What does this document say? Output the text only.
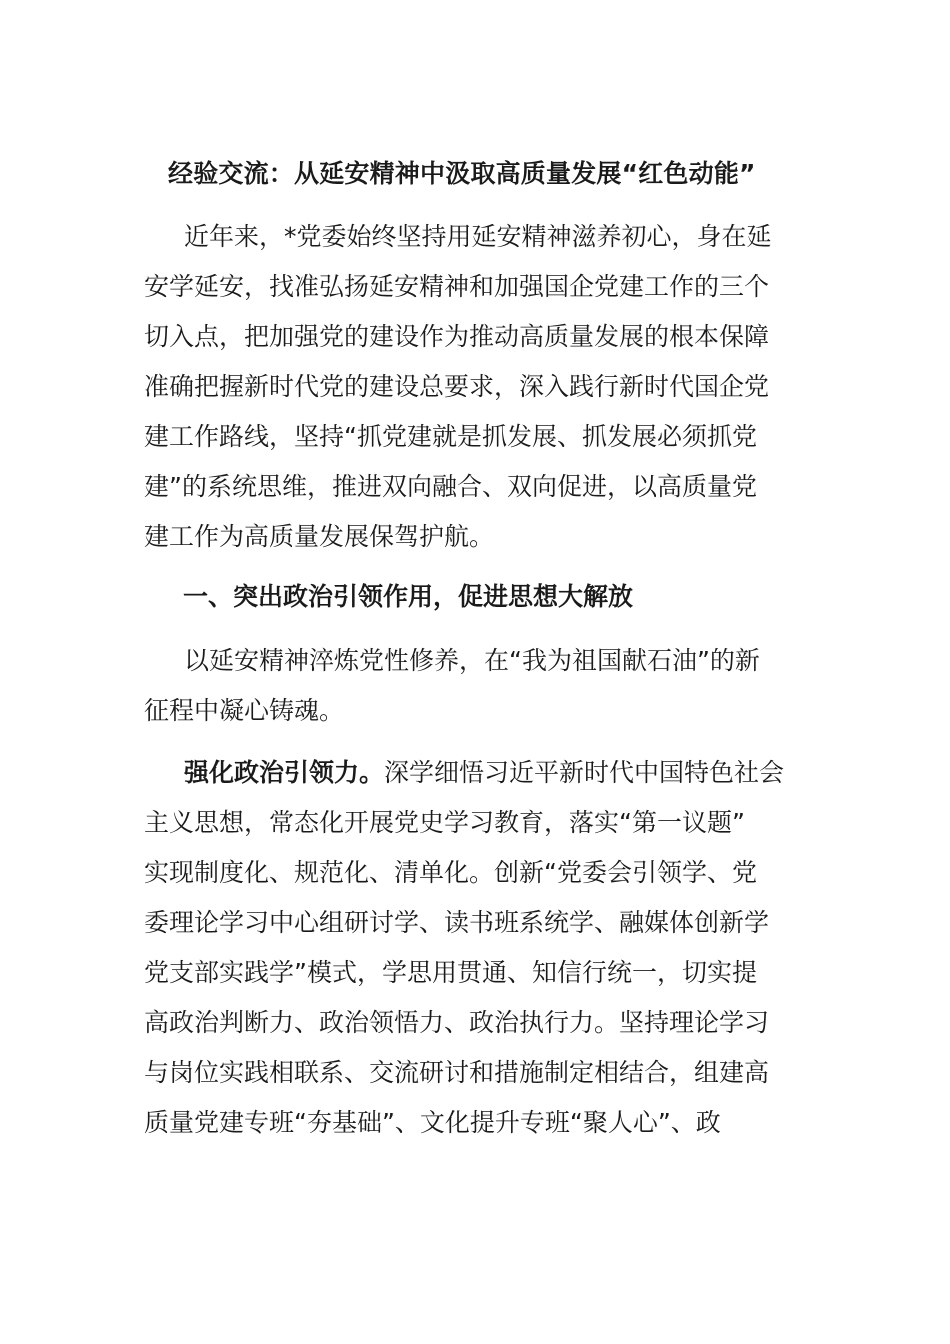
经验交流：从延安精神中汲取高质量发展“红色动能”
近年来，*党委始终坚持用延安精神滋养初心，身在延
安学延安，找准弘扬延安精神和加强国企党建工作的三个
切入点，把加强党的建设作为推动高质量发展的根本保障
准确把握新时代党的建设总要求，深入践行新时代国企党
建工作路线，坚持“抓党建就是抓发展、抓发展必须抓党
建”的系统思维，推进双向融合、双向促进，以高质量党
建工作为高质量发展保驾护航。
一、突出政治引领作用，促进思想大解放
以延安精神淬炼党性修养，在“我为祖国献石油”的新
征程中凝心铸魂。
强化政治引领力。深学细悟习近平新时代中国特色社会
主义思想，常态化开展党史学习教育，落实“第一议题”
实现制度化、规范化、清单化。创新“党委会引领学、党
委理论学习中心组研讨学、读书班系统学、融媒体创新学
党支部实践学”模式，学思用贯通、知信行统一，切实提
高政治判断力、政治领悟力、政治执行力。坚持理论学习
与岗位实践相联系、交流研讨和措施制定相结合，组建高
质量党建专班“夯基础”、文化提升专班“聚人心”、政
